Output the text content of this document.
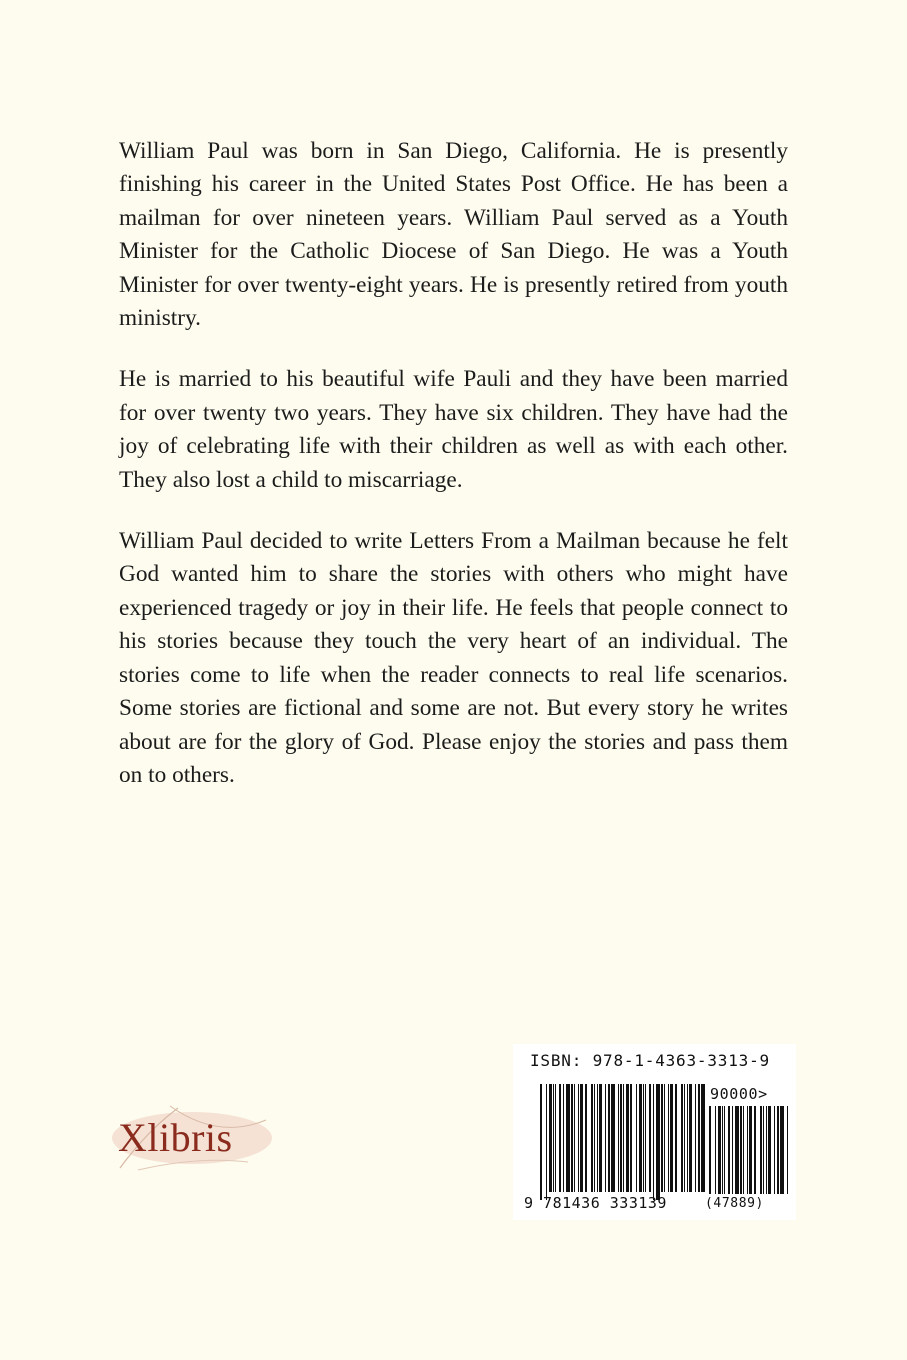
William Paul was born in San Diego, California. He is presently finishing his career in the United States Post Office. He has been a mailman for over nineteen years. William Paul served as a Youth Minister for the Catholic Diocese of San Diego. He was a Youth Minister for over twenty-eight years. He is presently retired from youth ministry.

He is married to his beautiful wife Pauli and they have been married for over twenty two years. They have six children. They have had the joy of celebrating life with their children as well as with each other. They also lost a child to miscarriage.

William Paul decided to write Letters From a Mailman because he felt God wanted him to share the stories with others who might have experienced tragedy or joy in their life. He feels that people connect to his stories because they touch the very heart of an individual. The stories come to life when the reader connects to real life scenarios. Some stories are fictional and some are not. But every story he writes about are for the glory of God. Please enjoy the stories and pass them on to others.

Xlibris
ISBN: 978-1-4363-3313-9
90000>
9 781436 333139	(47889)
